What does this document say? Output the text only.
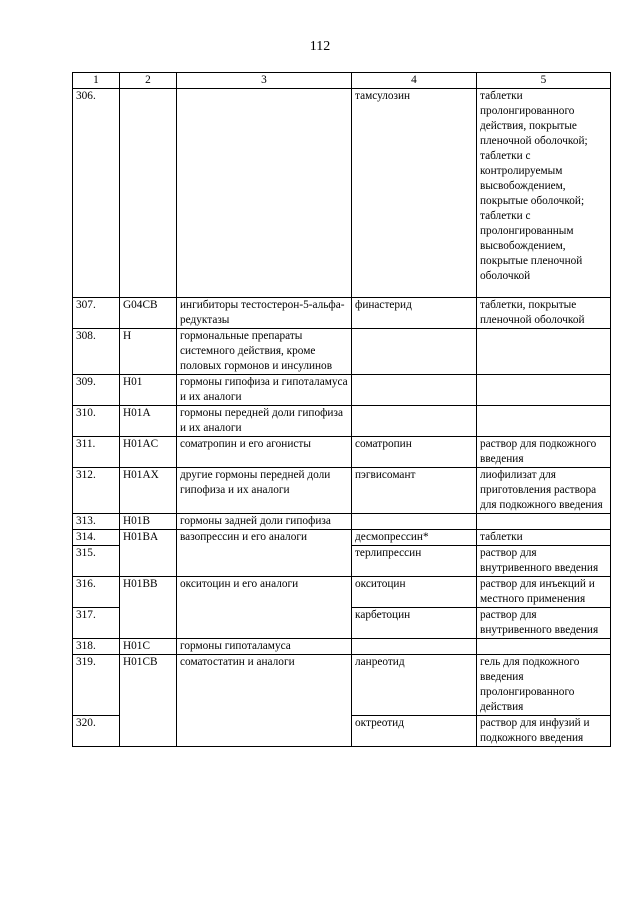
112
1	2	3	4	5
306.			тамсулозин	таблетки пролонгированного действия, покрытые пленочной оболочкой; таблетки с контролируемым высвобождением, покрытые оболочкой; таблетки с пролонгированным высвобождением, покрытые пленочной оболочкой
307.	G04CB	ингибиторы тестостерон-5-альфа-редуктазы	финастерид	таблетки, покрытые пленочной оболочкой
308.	H	гормональные препараты системного действия, кроме половых гормонов и инсулинов		
309.	H01	гормоны гипофиза и гипоталамуса и их аналоги		
310.	H01A	гормоны передней доли гипофиза и их аналоги		
311.	H01AC	соматропин и его агонисты	соматропин	раствор для подкожного введения
312.	H01AX	другие гормоны передней доли гипофиза и их аналоги	пэгвисомант	лиофилизат для приготовления раствора для подкожного введения
313.	H01B	гормоны задней доли гипофиза		
314.	H01BA	вазопрессин и его аналоги	десмопрессин*	таблетки
315.			терлипрессин	раствор для внутривенного введения
316.	H01BB	окситоцин и его аналоги	окситоцин	раствор для инъекций и местного применения
317.			карбетоцин	раствор для внутривенного введения
318.	H01C	гормоны гипоталамуса		
319.	H01CB	соматостатин и аналоги	ланреотид	гель для подкожного введения пролонгированного действия
320.			октреотид	раствор для инфузий и подкожного введения
